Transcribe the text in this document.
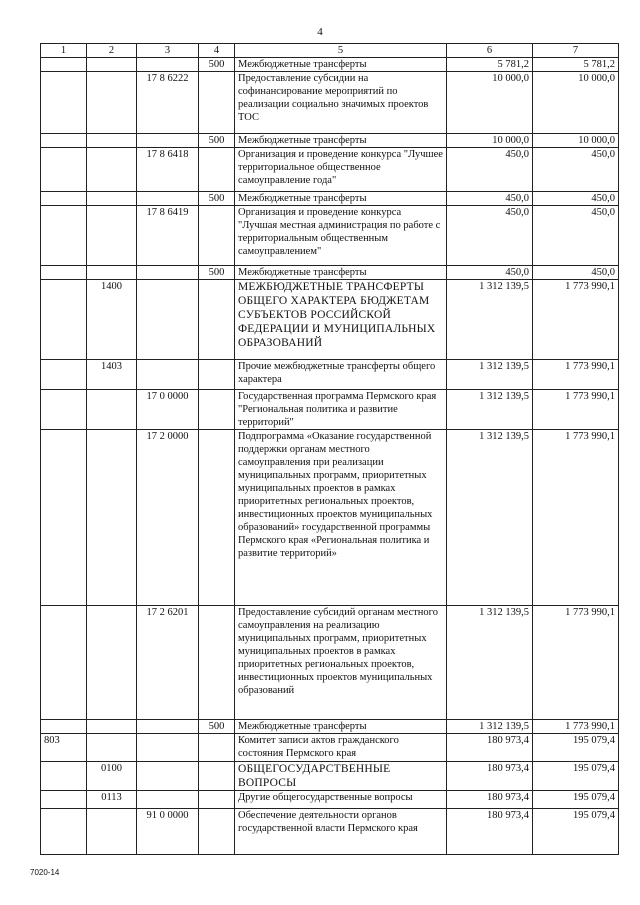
4
1	2	3	4	5	6	7
			500	Межбюджетные трансферты	5 781,2	5 781,2
		17 8 6222		Предоставление субсидии на софинансирование мероприятий по реализации социально значимых проектов ТОС	10 000,0	10 000,0
			500	Межбюджетные трансферты	10 000,0	10 000,0
		17 8 6418		Организация и проведение конкурса "Лучшее территориальное общественное самоуправление года"	450,0	450,0
			500	Межбюджетные трансферты	450,0	450,0
		17 8 6419		Организация и проведение конкурса "Лучшая местная администрация по работе с территориальным общественным самоуправлением"	450,0	450,0
			500	Межбюджетные трансферты	450,0	450,0
	1400			МЕЖБЮДЖЕТНЫЕ ТРАНСФЕРТЫ ОБЩЕГО ХАРАКТЕРА БЮДЖЕТАМ СУБЪЕКТОВ РОССИЙСКОЙ ФЕДЕРАЦИИ И МУНИЦИПАЛЬНЫХ ОБРАЗОВАНИЙ	1 312 139,5	1 773 990,1
	1403			Прочие межбюджетные трансферты общего характера	1 312 139,5	1 773 990,1
		17 0 0000		Государственная программа Пермского края "Региональная политика и развитие территорий"	1 312 139,5	1 773 990,1
		17 2 0000		Подпрограмма «Оказание государственной поддержки органам местного самоуправления при реализации муниципальных программ, приоритетных муниципальных проектов в рамках приоритетных региональных проектов, инвестиционных проектов муниципальных образований» государственной программы Пермского края «Региональная политика и развитие территорий»	1 312 139,5	1 773 990,1
		17 2 6201		Предоставление субсидий органам местного самоуправления на реализацию муниципальных программ, приоритетных муниципальных проектов в рамках приоритетных региональных проектов, инвестиционных проектов муниципальных образований	1 312 139,5	1 773 990,1
			500	Межбюджетные трансферты	1 312 139,5	1 773 990,1
803				Комитет записи актов гражданского состояния Пермского края	180 973,4	195 079,4
	0100			ОБЩЕГОСУДАРСТВЕННЫЕ ВОПРОСЫ	180 973,4	195 079,4
	0113			Другие общегосударственные вопросы	180 973,4	195 079,4
		91 0 0000		Обеспечение деятельности органов государственной власти Пермского края	180 973,4	195 079,4
7020-14
